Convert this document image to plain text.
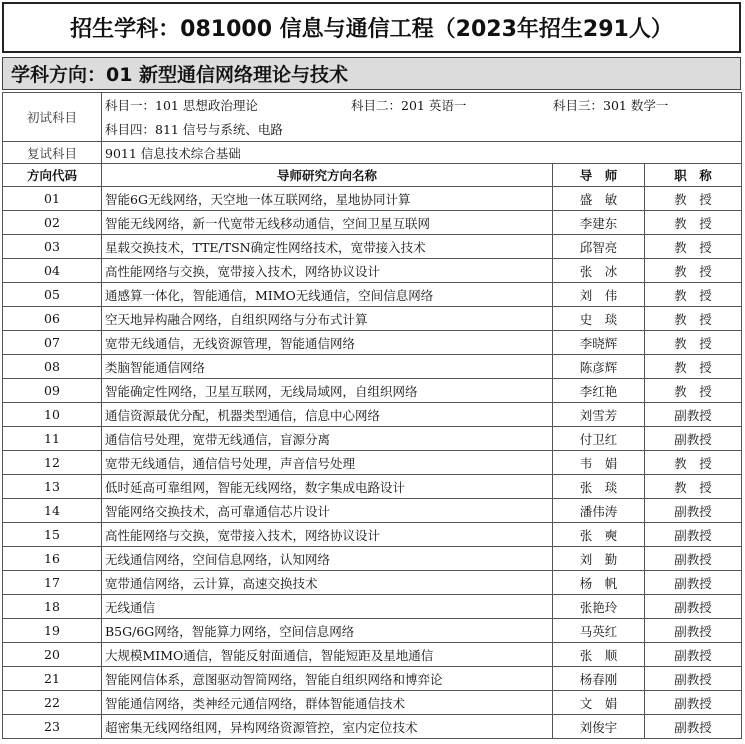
招生学科：081000 信息与通信工程（2023年招生291人）
学科方向：01 新型通信网络理论与技术
初试科目	科目一：101 思想政治理论 科目二：201 英语一 科目三：301 数学一
科目四：811 信号与系统、电路		

复试科目	9011 信息技术综合基础		
方向代码	导师研究方向名称	导　师	职　称
01	智能6G无线网络，天空地一体互联网络，星地协同计算	盛　敏	教　授
02	智能无线网络，新一代宽带无线移动通信，空间卫星互联网	李建东	教　授
03	星载交换技术，TTE/TSN确定性网络技术，宽带接入技术	邱智亮	教　授
04	高性能网络与交换，宽带接入技术，网络协议设计	张　冰	教　授
05	通感算一体化，智能通信，MIMO无线通信，空间信息网络	刘　伟	教　授
06	空天地异构融合网络，自组织网络与分布式计算	史　琰	教　授
07	宽带无线通信，无线资源管理，智能通信网络	李晓辉	教　授
08	类脑智能通信网络	陈彦辉	教　授
09	智能确定性网络，卫星互联网，无线局域网，自组织网络	李红艳	教　授
10	通信资源最优分配，机器类型通信，信息中心网络	刘雪芳	副教授
11	通信信号处理，宽带无线通信，盲源分离	付卫红	副教授
12	宽带无线通信，通信信号处理，声音信号处理	韦　娟	教　授
13	低时延高可靠组网，智能无线网络，数字集成电路设计	张　琰	教　授
14	智能网络交换技术，高可靠通信芯片设计	潘伟涛	副教授
15	高性能网络与交换，宽带接入技术，网络协议设计	张　奭	副教授
16	无线通信网络，空间信息网络，认知网络	刘　勤	副教授
17	宽带通信网络，云计算，高速交换技术	杨　帆	副教授
18	无线通信	张艳玲	副教授
19	B5G/6G网络，智能算力网络，空间信息网络	马英红	副教授
20	大规模MIMO通信，智能反射面通信，智能短距及星地通信	张　顺	副教授
21	智能网信体系，意图驱动智简网络，智能自组织网络和博弈论	杨春刚	副教授
22	智能通信网络，类神经元通信网络，群体智能通信技术	文　娟	副教授
23	超密集无线网络组网，异构网络资源管控，室内定位技术	刘俊宇	副教授
